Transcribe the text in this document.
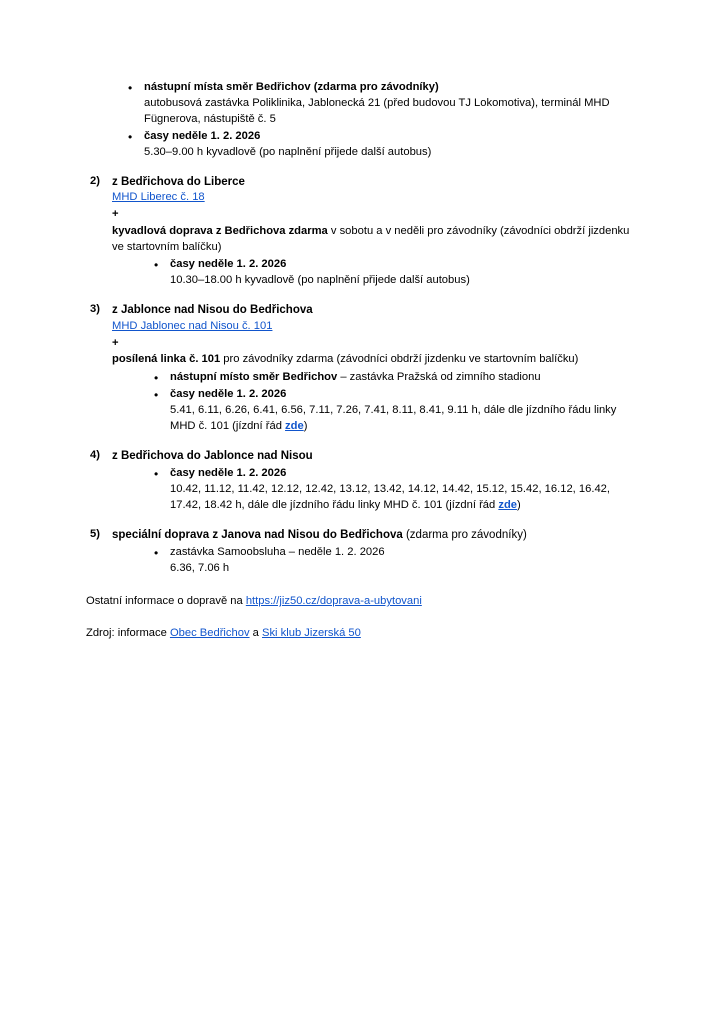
• nástupní místa směr Bedřichov (zdarma pro závodníky)
autobusová zastávka Poliklinika, Jablonecká 21 (před budovou TJ Lokomotiva), terminál MHD Fügnerova, nástupiště č. 5
• časy neděle 1. 2. 2026
5.30–9.00 h kyvadlově (po naplnění přijede další autobus)
2)	z Bedřichova do Liberce
MHD Liberec č. 18
+
kyvadlová doprava z Bedřichova zdarma v sobotu a v neděli pro závodníky (závodníci obdrží jizdenku ve startovním balíčku)
• časy neděle 1. 2. 2026
10.30–18.00 h kyvadlově (po naplnění přijede další autobus)
3)	z Jablonce nad Nisou do Bedřichova
MHD Jablonec nad Nisou č. 101
+
posílená linka č. 101 pro závodníky zdarma (závodníci obdrží jizdenku ve startovním balíčku)
• nástupní místo směr Bedřichov – zastávka Pražská od zimního stadionu
• časy neděle 1. 2. 2026
5.41, 6.11, 6.26, 6.41, 6.56, 7.11, 7.26, 7.41, 8.11, 8.41, 9.11 h, dále dle jízdního řádu linky MHD č. 101 (jízdní řád zde)
4)	z Bedřichova do Jablonce nad Nisou
• časy neděle 1. 2. 2026
10.42, 11.12, 11.42, 12.12, 12.42, 13.12, 13.42, 14.12, 14.42, 15.12, 15.42, 16.12, 16.42, 17.42, 18.42 h, dále dle jízdního řádu linky MHD č. 101 (jízdní řád zde)
5)	speciální doprava z Janova nad Nisou do Bedřichova (zdarma pro závodníky)
• zastávka Samoobsluha – neděle 1. 2. 2026
6.36, 7.06 h
Ostatní informace o dopravě na https://jiz50.cz/doprava-a-ubytovani
Zdroj: informace Obec Bedřichov a Ski klub Jizerská 50
